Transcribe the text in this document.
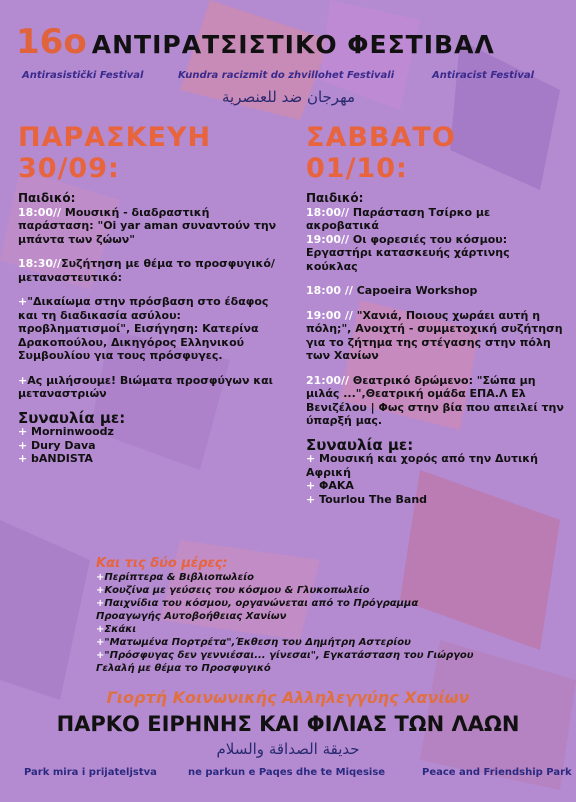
16ο ΑΝΤΙΡΑΤΣΙΣΤΙΚΟ ΦΕΣΤΙΒΑΛ
Antirasistički Festival	Kundra racizmit do zhvillohet Festivali	Antiracist Festival
مهرجان ضد للعنصرية
ΠΑΡΑΣΚΕΥΗ
30/09:
Παιδικό:
18:00// Μουσική - διαδραστική παράσταση: "Oi yar aman συναντούν την μπάντα των ζώων"
18:30//Συζήτηση με θέμα το προσφυγικό/μεταναστευτικό:
+"Δικαίωμα στην πρόσβαση στο έδαφος και τη διαδικασία ασύλου: προβληματισμοί", Εισήγηση: Κατερίνα Δρακοπούλου, Δικηγόρος Ελληνικού Συμβουλίου για τους πρόσφυγες.
+Ας μιλήσουμε! Βιώματα προσφύγων και μεταναστριών
Συναυλία με:
+ Morninwoodz
+ Dury Dava
+ bANDISTA
ΣΑΒΒΑΤΟ
01/10:
Παιδικό:
18:00// Παράσταση Τσίρκο με ακροβατικά
19:00// Οι φορεσιές του κόσμου: Εργαστήρι κατασκευής χάρτινης κούκλας
18:00 // Capoeira Workshop
19:00 // "Χανιά, Ποιους χωράει αυτή η πόλη;", Ανοιχτή - συμμετοχική συζήτηση για το ζήτημα της στέγασης στην πόλη των Χανίων
21:00// Θεατρικό δρώμενο: "Σώπα μη μιλάς ...",Θεατρική ομάδα ΕΠΑ.Λ Ελ Βενιζέλου | Φως στην βία που απειλεί την ύπαρξή μας.
Συναυλία με:
+ Μουσική και χορός από την Δυτική Αφρική
+ ΦΑΚΑ
+ Tourlou The Band
Και τις δύο μέρες:
+Περίπτερα & Βιβλιοπωλείο
+Κουζίνα με γεύσεις του κόσμου & Γλυκοπωλείο
+Παιχνίδια του κόσμου, οργανώνεται από το Πρόγραμμα Προαγωγής Αυτοβοήθειας Χανίων
+Σκάκι
+"Ματωμένα Πορτρέτα",Έκθεση του Δημήτρη Αστερίου
+"Πρόσφυγας δεν γεννιέσαι... γίνεσαι", Εγκατάσταση του Γιώργου Γελαλή με θέμα το Προσφυγικό
Γιορτή Κοινωνικής Αλληλεγγύης Χανίων
ΠΑΡΚΟ ΕΙΡΗΝΗΣ ΚΑΙ ΦΙΛΙΑΣ ΤΩΝ ΛΑΩΝ
حديقة الصداقة والسلام
Park mira i prijateljstva	ne parkun e Paqes dhe te Miqesise	Peace and Friendship Park
